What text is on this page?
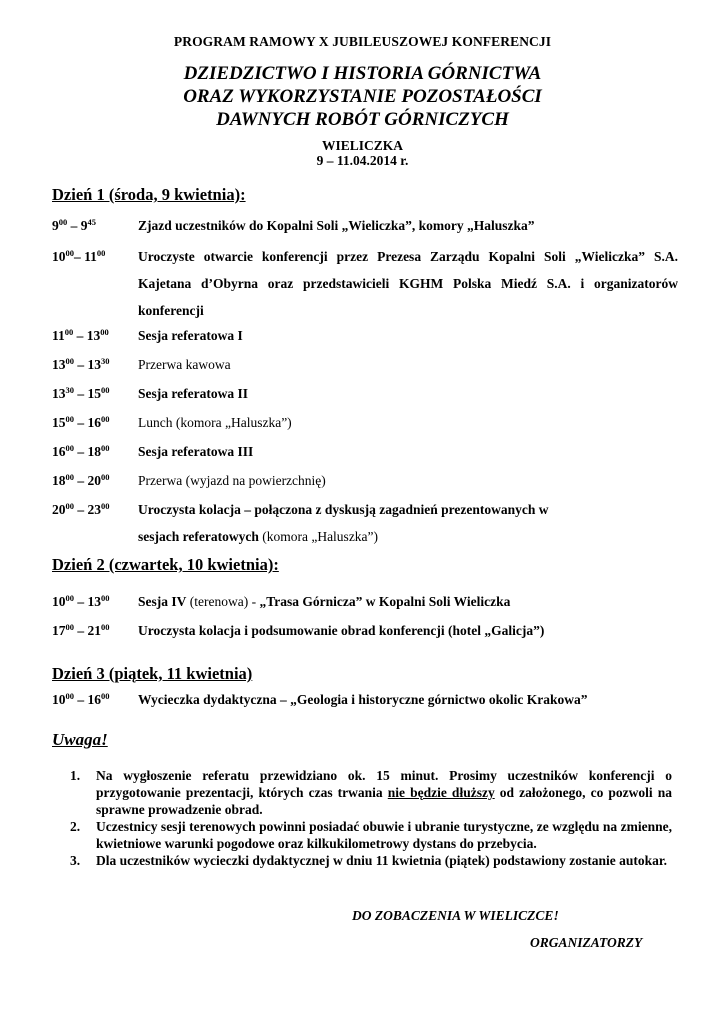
PROGRAM RAMOWY X JUBILEUSZOWEJ KONFERENCJI
DZIEDZICTWO I HISTORIA GÓRNICTWA
ORAZ WYKORZYSTANIE POZOSTAŁOŚCI
DAWNYCH ROBÓT GÓRNICZYCH
WIELICZKA
9 – 11.04.2014 r.
Dzień 1 (środa, 9 kwietnia):
$9^{00} - 9^{45}$	Zjazd uczestników do Kopalni Soli „Wieliczka”, komory „Haluszka”
$10^{00}-$ $11^{00}$ Uroczyste otwarcie konferencji przez Prezesa Zarządu Kopalni Soli „Wieliczka” S.A. Kajetana d’Obyrna oraz przedstawicieli KGHM Polska Miedź S.A. i organizatorów konferencji
$11^{00} - 13^{00}$ Sesja referatowa I
$13^{00} - 13^{30}$ Przerwa kawowa
$13^{30} - 15^{00}$ Sesja referatowa II
$15^{00} - 16^{00}$ Lunch (komora „Haluszka”)
$16^{00} - 18^{00}$ Sesja referatowa III
$18^{00} - 20^{00}$ Przerwa (wyjazd na powierzchnię)
$20^{00} - 23^{00}$ Uroczysta kolacja – połączona z dyskusją zagadnień prezentowanych w sesjach referatowych (komora „Haluszka”)
Dzień 2 (czwartek, 10 kwietnia):
$10^{00} - 13^{00}$ Sesja IV (terenowa) - „Trasa Górnicza” w Kopalni Soli Wieliczka
$17^{00} - 21^{00}$ Uroczysta kolacja i podsumowanie obrad konferencji (hotel „Galicja”)
Dzień 3 (piątek, 11 kwietnia)
$10^{00} - 16^{00}$ Wycieczka dydaktyczna – „Geologia i historyczne górnictwo okolic Krakowa”
Uwaga!
1. Na wygłoszenie referatu przewidziano ok. 15 minut. Prosimy uczestników konferencji o przygotowanie prezentacji, których czas trwania nie będzie dłuższy od założonego, co pozwoli na sprawne prowadzenie obrad.
2. Uczestnicy sesji terenowych powinni posiadać obuwie i ubranie turystyczne, ze względu na zmienne, kwietniowe warunki pogodowe oraz kilkukilometrowy dystans do przebycia.
3. Dla uczestników wycieczki dydaktycznej w dniu 11 kwietnia (piątek) podstawiony zostanie autokar.
DO ZOBACZENIA W WIELICZCE!
ORGANIZATORZY
